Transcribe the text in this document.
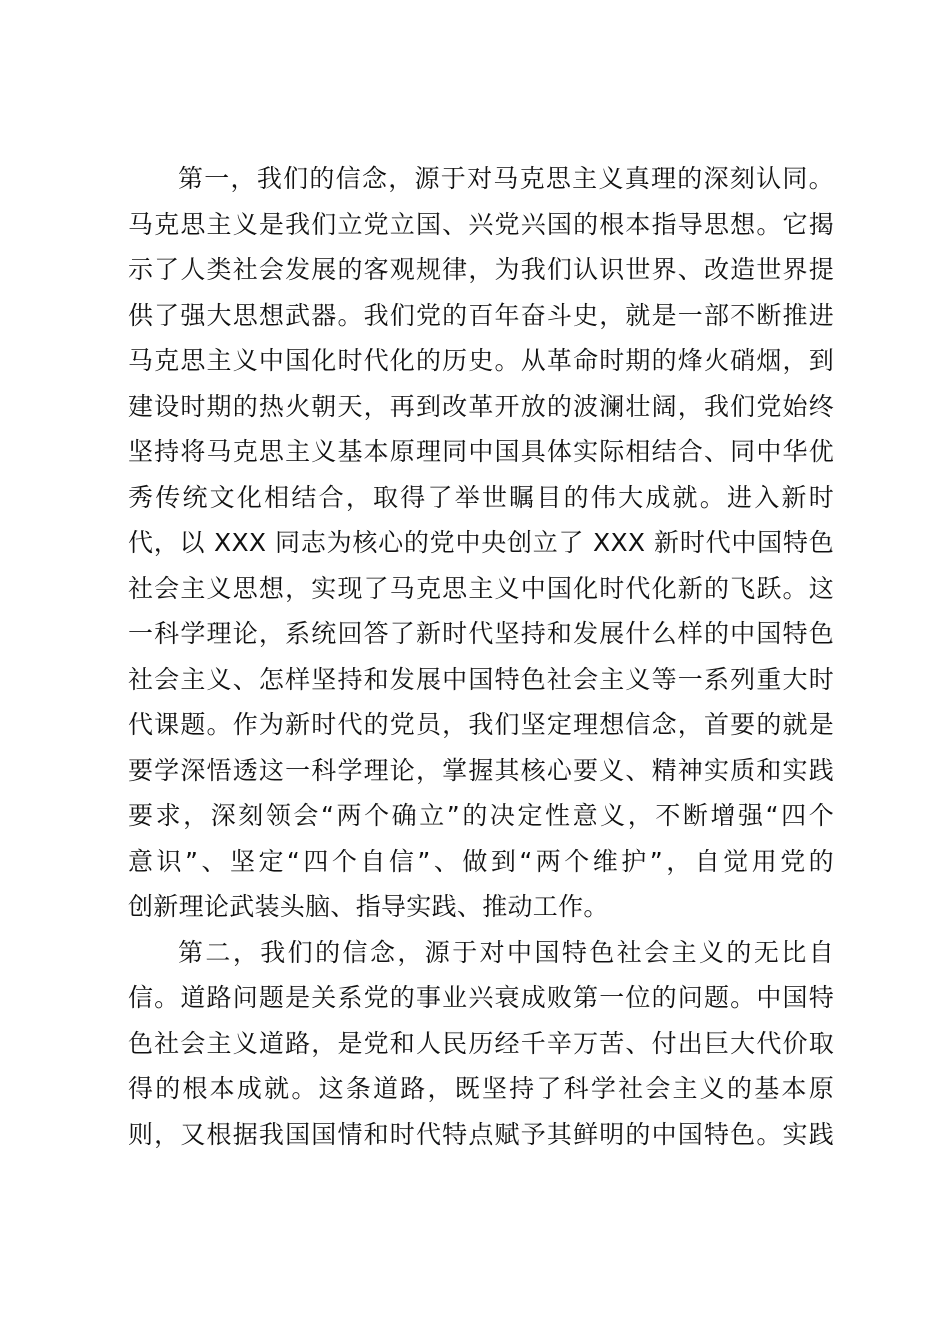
第一，我们的信念，源于对马克思主义真理的深刻认同。
马克思主义是我们立党立国、兴党兴国的根本指导思想。它揭
示了人类社会发展的客观规律，为我们认识世界、改造世界提
供了强大思想武器。我们党的百年奋斗史，就是一部不断推进
马克思主义中国化时代化的历史。从革命时期的烽火硝烟，到
建设时期的热火朝天，再到改革开放的波澜壮阔，我们党始终
坚持将马克思主义基本原理同中国具体实际相结合、同中华优
秀传统文化相结合，取得了举世瞩目的伟大成就。进入新时
代，以 XXX 同志为核心的党中央创立了 XXX 新时代中国特色
社会主义思想，实现了马克思主义中国化时代化新的飞跃。这
一科学理论，系统回答了新时代坚持和发展什么样的中国特色
社会主义、怎样坚持和发展中国特色社会主义等一系列重大时
代课题。作为新时代的党员，我们坚定理想信念，首要的就是
要学深悟透这一科学理论，掌握其核心要义、精神实质和实践
要求，深刻领会“两个确立”的决定性意义，不断增强“四个
意识”、坚定“四个自信”、做到“两个维护”，自觉用党的
创新理论武装头脑、指导实践、推动工作。
第二，我们的信念，源于对中国特色社会主义的无比自
信。道路问题是关系党的事业兴衰成败第一位的问题。中国特
色社会主义道路，是党和人民历经千辛万苦、付出巨大代价取
得的根本成就。这条道路，既坚持了科学社会主义的基本原
则，又根据我国国情和时代特点赋予其鲜明的中国特色。实践
